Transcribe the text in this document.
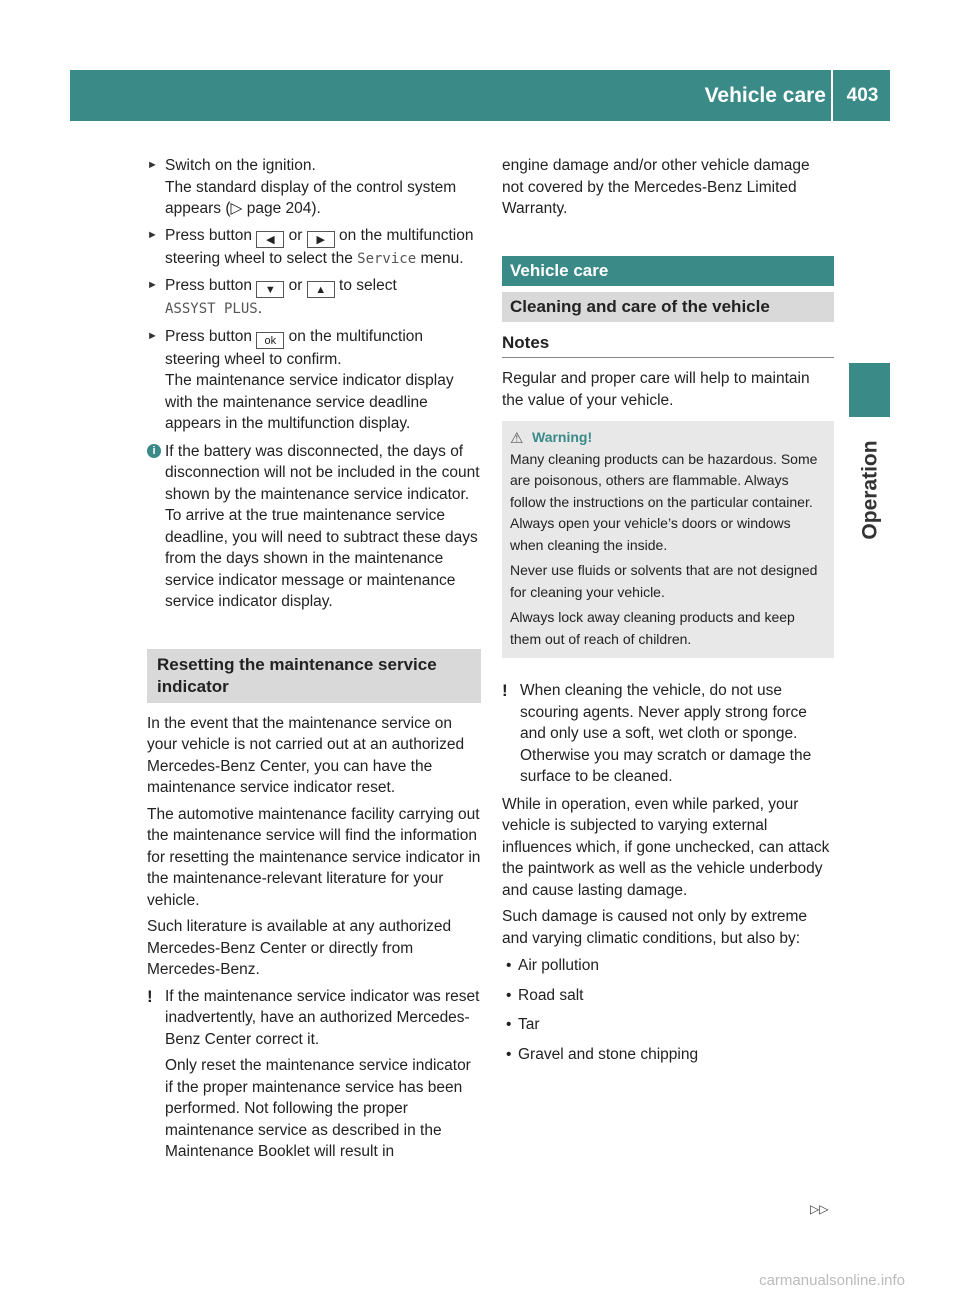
Vehicle care	403
Operation
► Switch on the ignition.

The standard display of the control system appears (▷ page 204).

► Press button ◀ or ▶ on the multifunction steering wheel to select the Service menu.

► Press button ▼ or ▲ to select

ASSYST PLUS.

► Press button ok on the multifunction steering wheel to confirm.

The maintenance service indicator display with the maintenance service deadline appears in the multifunction display.

i If the battery was disconnected, the days of disconnection will not be included in the count shown by the maintenance service indicator. To arrive at the true maintenance service deadline, you will need to subtract these days from the days shown in the maintenance service indicator message or maintenance service indicator display.

Resetting the maintenance service indicator

In the event that the maintenance service on your vehicle is not carried out at an authorized Mercedes-Benz Center, you can have the maintenance service indicator reset.

The automotive maintenance facility carrying out the maintenance service will find the information for resetting the maintenance service indicator in the maintenance-relevant literature for your vehicle.

Such literature is available at any authorized Mercedes-Benz Center or directly from Mercedes-Benz.

! If the maintenance service indicator was reset inadvertently, have an authorized Mercedes-Benz Center correct it.

Only reset the maintenance service indicator if the proper maintenance service has been performed. Not following the proper maintenance service as described in the Maintenance Booklet will result in

engine damage and/or other vehicle damage not covered by the Mercedes-Benz Limited Warranty.

Vehicle care
Cleaning and care of the vehicle
Notes

Regular and proper care will help to maintain the value of your vehicle.

⚠ Warning!

Many cleaning products can be hazardous. Some are poisonous, others are flammable. Always follow the instructions on the particular container. Always open your vehicle’s doors or windows when cleaning the inside.

Never use fluids or solvents that are not designed for cleaning your vehicle.

Always lock away cleaning products and keep them out of reach of children.

! When cleaning the vehicle, do not use scouring agents. Never apply strong force and only use a soft, wet cloth or sponge. Otherwise you may scratch or damage the surface to be cleaned.

While in operation, even while parked, your vehicle is subjected to varying external influences which, if gone unchecked, can attack the paintwork as well as the vehicle underbody and cause lasting damage.

Such damage is caused not only by extreme and varying climatic conditions, but also by:

• Air pollution
• Road salt
• Tar
• Gravel and stone chipping
▷▷
carmanualsonline.info
